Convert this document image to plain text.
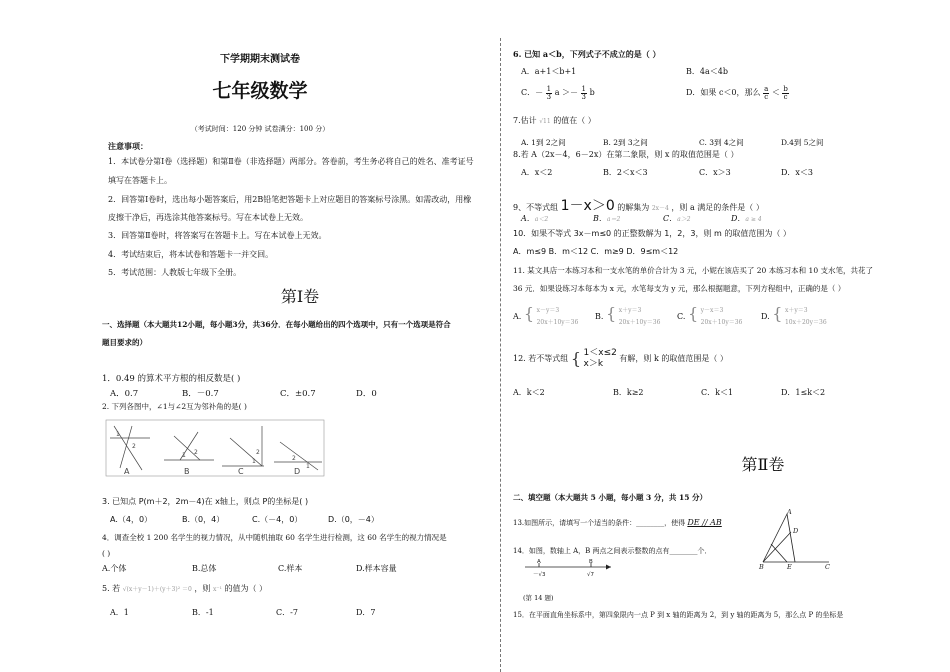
下学期期末测试卷
七年级数学
（考试时间：120 分钟 试卷满分：100 分）
注意事项：
1．本试卷分第Ⅰ卷（选择题）和第Ⅱ卷（非选择题）两部分。答卷前，考生务必将自己的姓名、准考证号
填写在答题卡上。
2．回答第Ⅰ卷时，选出每小题答案后，用2B铅笔把答题卡上对应题目的答案标号涂黑。如需改动，用橡
皮擦干净后，再选涂其他答案标号。写在本试卷上无效。
3．回答第Ⅱ卷时，将答案写在答题卡上。写在本试卷上无效。
4．考试结束后，将本试卷和答题卡一并交回。
5．考试范围：人教版七年级下全册。
第Ⅰ卷
一、选择题（本大题共12小题，每小题3分，共36分．在每小题给出的四个选项中，只有一个选项是符合
题目要求的）
1．0.49 的算术平方根的相反数是( )
A．0.7	B．－0.7	C．±0.7	D．0
2. 下列各图中，∠1与∠2互为邻补角的是( )
1
2
1 2
1
2
2
1
A	B	C	D
3. 已知点 P(m＋2，2m－4)在 x轴上，则点 P的坐标是( )
A.（4，0）	B.（0，4）	C.（－4，0）	D.（0，－4）
4．调查全校 1 200 名学生的视力情况，从中随机抽取 60 名学生进行检测，这 60 名学生的视力情况是
( )
A.个体	B.总体	C.样本	D.样本容量
5. 若 √(x＋y－1)＋(y＋3)² ＝0 ，则 x⁻¹ 的值为（ ）
A．1	B．-1	C．-7	D．7
6. 已知 a＜b，下列式子不成立的是（ ）
A．a+1＜b+1	B．4a＜4b
C．－ $\frac{1}{3}$ $a >- \frac{1}{3}$ b	D．如果 c＜0，那么 $\frac{a}{c} < \frac{b}{c}$
7.估计 √11 的值在（ ）
A. 1到 2之间	B. 2到 3之间	C. 3到 4之间	D.4到 5之间
8.若 A（2x－4，6－2x）在第二象限，则 x 的取值范围是（ ）
A．x＜2	B．2＜x＜3	C．x＞3	D．x＜3
9、不等式组 1－x＞0 的解集为 2x－4 ，则 a 满足的条件是（ ）
A．a＜2	B．a＝2	C．a＞2	D．a ≥ 4
10．如果不等式 3x－m≤0 的正整数解为 1，2，3，则 m 的取值范围为（ ）
A．m≤9 B．m＜12 C．m≥9 D．9≤m＜12
11. 某文具店一本练习本和一支水笔的单价合计为 3 元，小妮在该店买了 20 本练习本和 10 支水笔，共花了
36 元．如果设练习本每本为 x 元，水笔每支为 y 元，那么根据题意，下列方程组中，正确的是（ ）
A. { x－y＝3
20x＋10y＝36
B. { x＋y＝3
20x＋10y＝36
C. { y－x＝3
20x＋10y＝36
D. { x＋y＝3
10x＋20y＝36
12. 若不等式组 { 1＜x≤2
x＞k
有解，则 k 的取值范围是（ ）
A．k＜2	B．k≥2	C．k＜1	D．1≤k＜2
第Ⅱ卷
二、填空题（本大题共 5 小题，每小题 3 分，共 15 分）
13.如图所示，请填写一个适当的条件：________，使得 DE // AB
A
D
B	E	C
14．如图，数轴上 A，B 两点之间表示整数的点有________个．
A	B
－√3	√7
(第 14 题)
15．在平面直角坐标系中，第四象限内一点 P 到 x 轴的距离为 2，到 y 轴的距离为 5，那么点 P 的坐标是
